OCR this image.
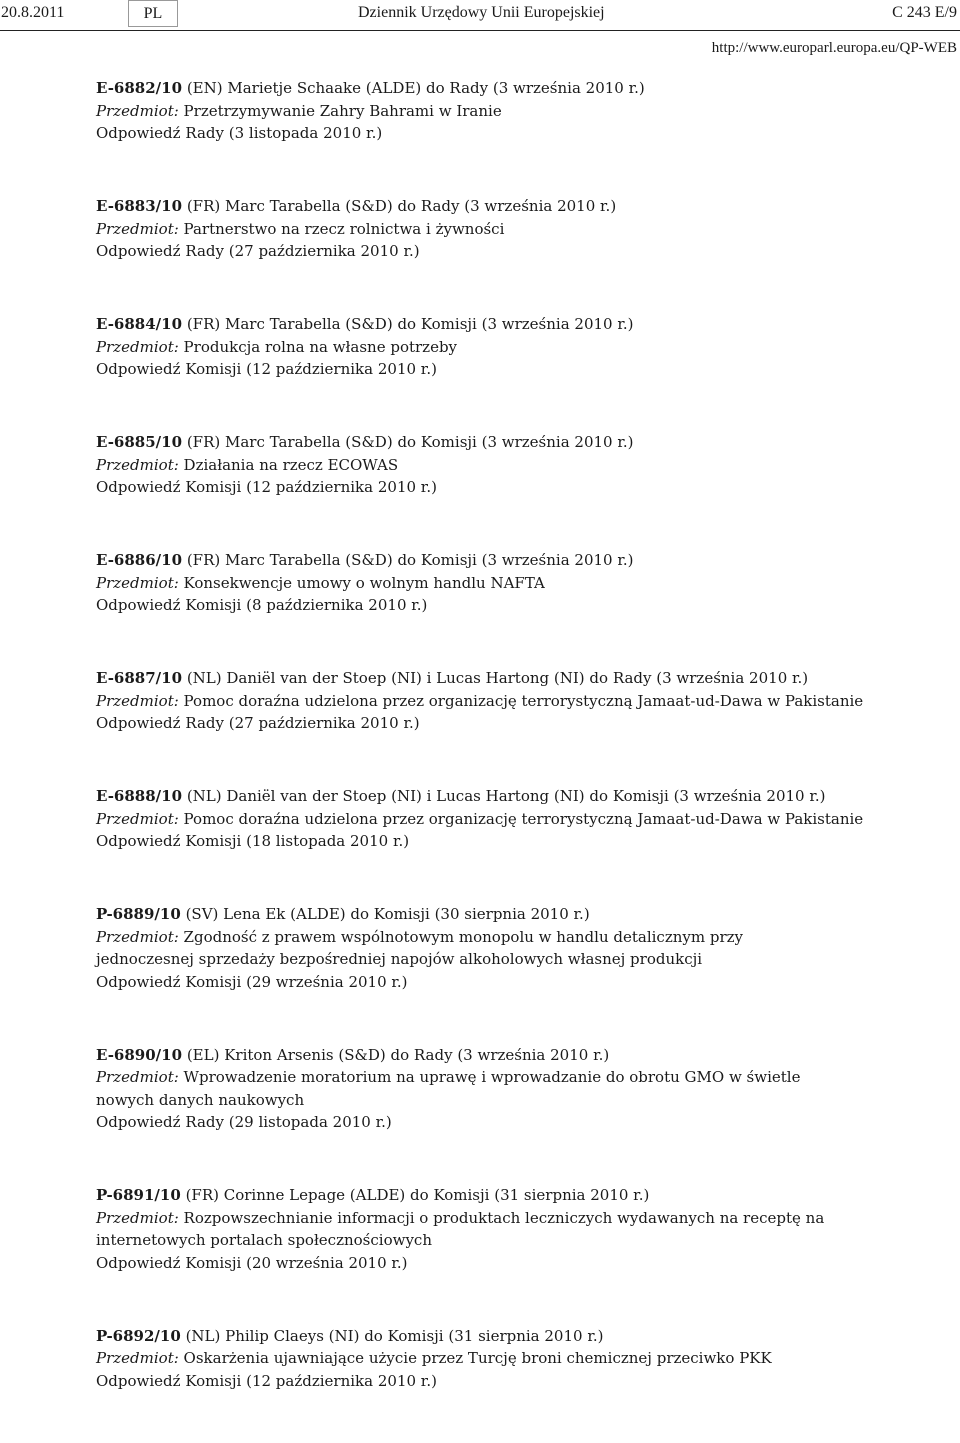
20.8.2011	PL	Dziennik Urzędowy Unii Europejskiej	C 243 E/9
http://www.europarl.europa.eu/QP-WEB

E-6882/10 (EN) Marietje Schaake (ALDE) do Rady (3 września 2010 r.)

Przedmiot: Przetrzymywanie Zahry Bahrami w Iranie

Odpowiedź Rady (3 listopada 2010 r.)

E-6883/10 (FR) Marc Tarabella (S&D) do Rady (3 września 2010 r.)

Przedmiot: Partnerstwo na rzecz rolnictwa i żywności

Odpowiedź Rady (27 października 2010 r.)

E-6884/10 (FR) Marc Tarabella (S&D) do Komisji (3 września 2010 r.)

Przedmiot: Produkcja rolna na własne potrzeby

Odpowiedź Komisji (12 października 2010 r.)

E-6885/10 (FR) Marc Tarabella (S&D) do Komisji (3 września 2010 r.)

Przedmiot: Działania na rzecz ECOWAS

Odpowiedź Komisji (12 października 2010 r.)

E-6886/10 (FR) Marc Tarabella (S&D) do Komisji (3 września 2010 r.)

Przedmiot: Konsekwencje umowy o wolnym handlu NAFTA

Odpowiedź Komisji (8 października 2010 r.)

E-6887/10 (NL) Daniël van der Stoep (NI) i Lucas Hartong (NI) do Rady (3 września 2010 r.)

Przedmiot: Pomoc doraźna udzielona przez organizację terrorystyczną Jamaat-ud-Dawa w Pakistanie

Odpowiedź Rady (27 października 2010 r.)

E-6888/10 (NL) Daniël van der Stoep (NI) i Lucas Hartong (NI) do Komisji (3 września 2010 r.)

Przedmiot: Pomoc doraźna udzielona przez organizację terrorystyczną Jamaat-ud-Dawa w Pakistanie

Odpowiedź Komisji (18 listopada 2010 r.)

P-6889/10 (SV) Lena Ek (ALDE) do Komisji (30 sierpnia 2010 r.)

Przedmiot: Zgodność z prawem wspólnotowym monopolu w handlu detalicznym przy jednoczesnej sprzedaży bezpośredniej napojów alkoholowych własnej produkcji

Odpowiedź Komisji (29 września 2010 r.)

E-6890/10 (EL) Kriton Arsenis (S&D) do Rady (3 września 2010 r.)

Przedmiot: Wprowadzenie moratorium na uprawę i wprowadzanie do obrotu GMO w świetle nowych danych naukowych

Odpowiedź Rady (29 listopada 2010 r.)

P-6891/10 (FR) Corinne Lepage (ALDE) do Komisji (31 sierpnia 2010 r.)

Przedmiot: Rozpowszechnianie informacji o produktach leczniczych wydawanych na receptę na internetowych portalach społecznościowych

Odpowiedź Komisji (20 września 2010 r.)

P-6892/10 (NL) Philip Claeys (NI) do Komisji (31 sierpnia 2010 r.)

Przedmiot: Oskarżenia ujawniające użycie przez Turcję broni chemicznej przeciwko PKK

Odpowiedź Komisji (12 października 2010 r.)
